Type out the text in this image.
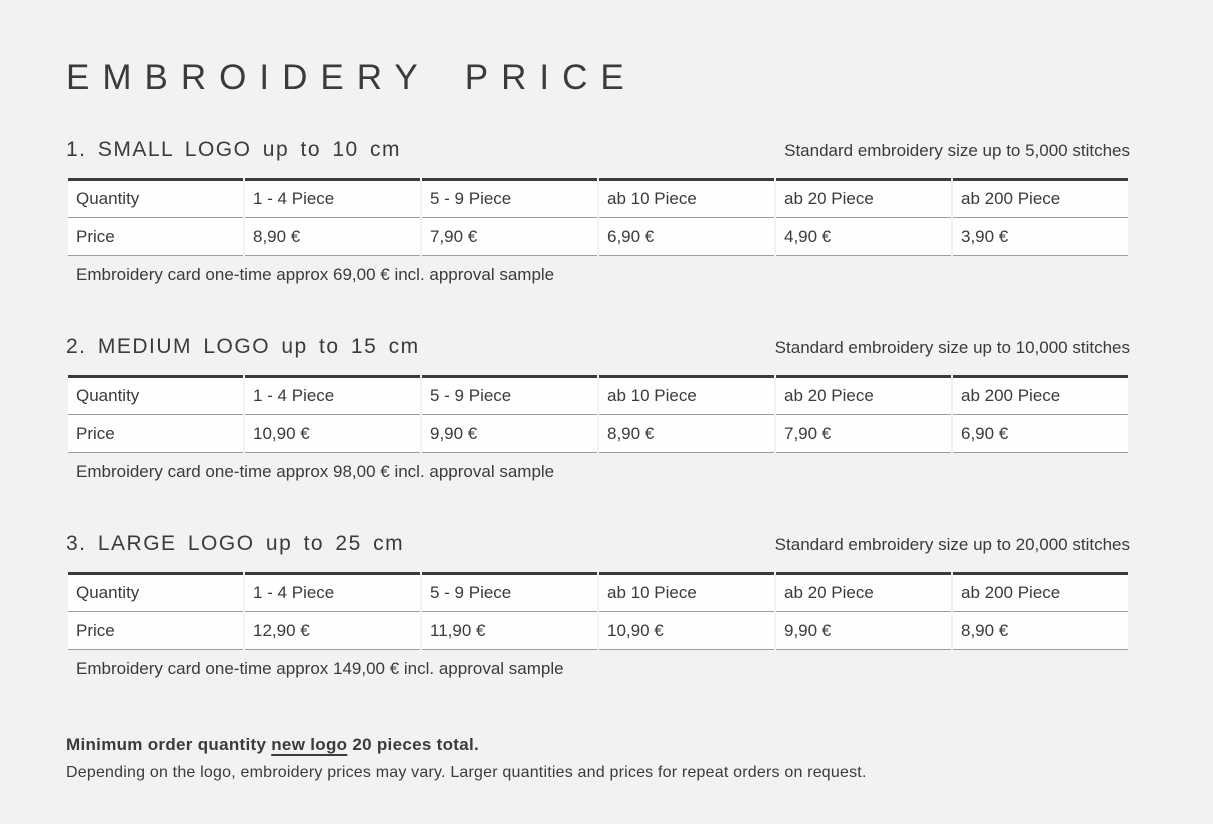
EMBROIDERY PRICE
1. SMALL LOGO up to 10 cm	Standard embroidery size up to 5,000 stitches
Quantity	1 - 4 Piece	5 - 9 Piece	ab 10 Piece	ab 20 Piece	ab 200 Piece
Price	8,90 €	7,90 €	6,90 €	4,90 €	3,90 €

Embroidery card one-time approx 69,00 € incl. approval sample

2. MEDIUM LOGO up to 15 cm	Standard embroidery size up to 10,000 stitches
Quantity	1 - 4 Piece	5 - 9 Piece	ab 10 Piece	ab 20 Piece	ab 200 Piece
Price	10,90 €	9,90 €	8,90 €	7,90 €	6,90 €

Embroidery card one-time approx 98,00 € incl. approval sample

3. LARGE LOGO up to 25 cm	Standard embroidery size up to 20,000 stitches
Quantity	1 - 4 Piece	5 - 9 Piece	ab 10 Piece	ab 20 Piece	ab 200 Piece
Price	12,90 €	11,90 €	10,90 €	9,90 €	8,90 €

Embroidery card one-time approx 149,00 € incl. approval sample

Minimum order quantity new logo 20 pieces total.

Depending on the logo, embroidery prices may vary. Larger quantities and prices for repeat orders on request.
